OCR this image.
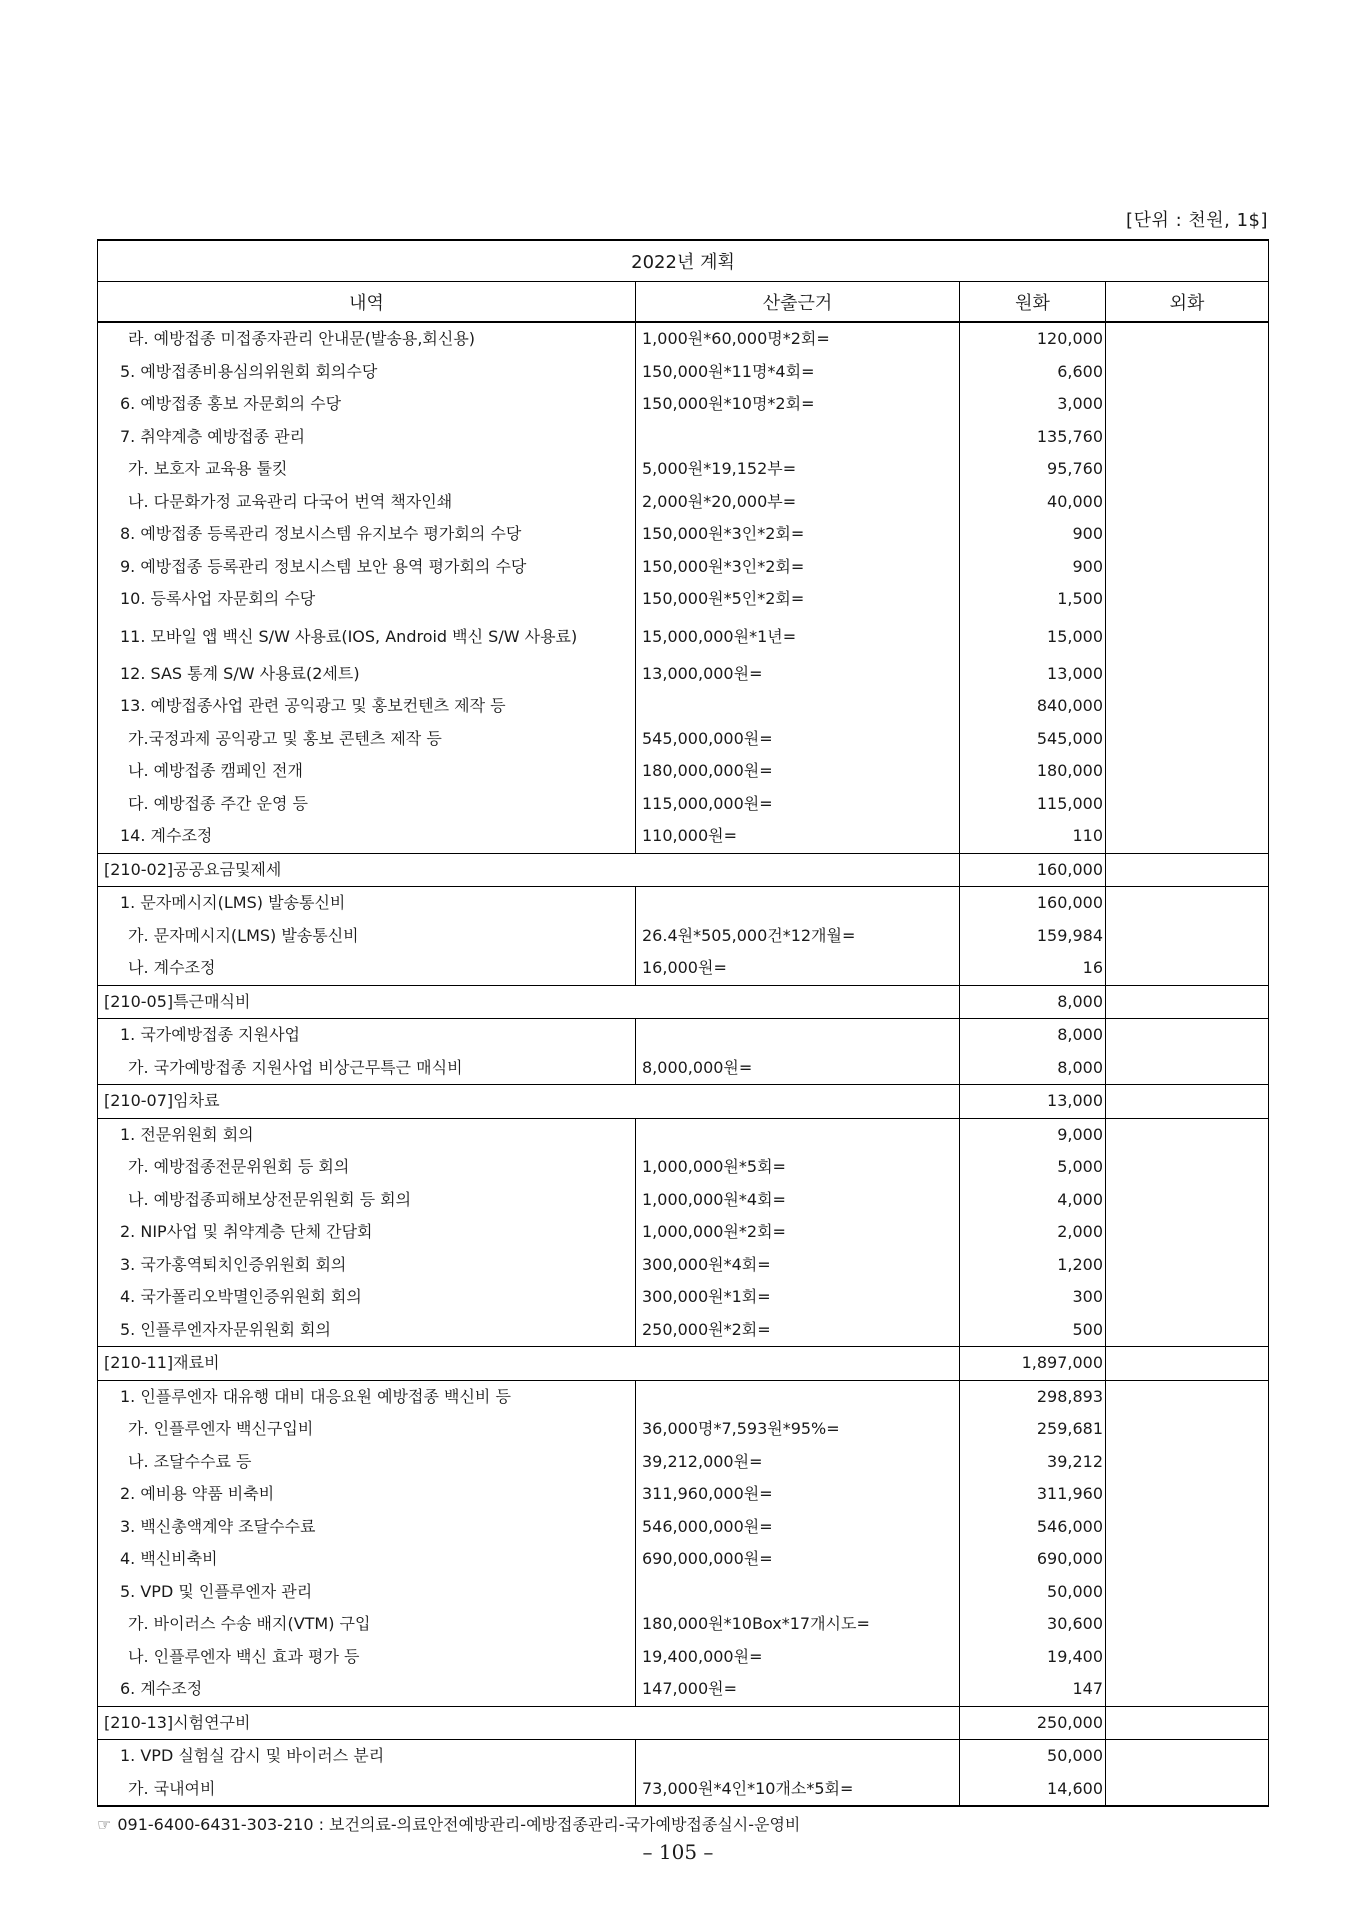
[단위 : 천원, 1$]
2022년 계획			
내역	산출근거	원화	외화
라. 예방접종 미접종자관리 안내문(발송용,회신용)	1,000원*60,000명*2회=	120,000	
5. 예방접종비용심의위원회 회의수당	150,000원*11명*4회=	6,600	
6. 예방접종 홍보 자문회의 수당	150,000원*10명*2회=	3,000	
7. 취약계층 예방접종 관리		135,760	
가. 보호자 교육용 툴킷	5,000원*19,152부=	95,760	
나. 다문화가정 교육관리 다국어 번역 책자인쇄	2,000원*20,000부=	40,000	
8. 예방접종 등록관리 정보시스템 유지보수 평가회의 수당	150,000원*3인*2회=	900	
9. 예방접종 등록관리 정보시스템 보안 용역 평가회의 수당	150,000원*3인*2회=	900	
10. 등록사업 자문회의 수당	150,000원*5인*2회=	1,500	
11. 모바일 앱 백신 S/W 사용료(IOS, Android 백신 S/W 사용료)	15,000,000원*1년=	15,000	
12. SAS 통계 S/W 사용료(2세트)	13,000,000원=	13,000	
13. 예방접종사업 관련 공익광고 및 홍보컨텐츠 제작 등		840,000	
가.국정과제 공익광고 및 홍보 콘텐츠 제작 등	545,000,000원=	545,000	
나. 예방접종 캠페인 전개	180,000,000원=	180,000	
다. 예방접종 주간 운영 등	115,000,000원=	115,000	
14. 계수조정	110,000원=	110	
[210-02]공공요금및제세		160,000	
1. 문자메시지(LMS) 발송통신비		160,000	
가. 문자메시지(LMS) 발송통신비	26.4원*505,000건*12개월=	159,984	
나. 계수조정	16,000원=	16	
[210-05]특근매식비		8,000	
1. 국가예방접종 지원사업		8,000	
가. 국가예방접종 지원사업 비상근무특근 매식비	8,000,000원=	8,000	
[210-07]임차료		13,000	
1. 전문위원회 회의		9,000	
가. 예방접종전문위원회 등 회의	1,000,000원*5회=	5,000	
나. 예방접종피해보상전문위원회 등 회의	1,000,000원*4회=	4,000	
2. NIP사업 및 취약계층 단체 간담회	1,000,000원*2회=	2,000	
3. 국가홍역퇴치인증위원회 회의	300,000원*4회=	1,200	
4. 국가폴리오박멸인증위원회 회의	300,000원*1회=	300	
5. 인플루엔자자문위원회 회의	250,000원*2회=	500	
[210-11]재료비		1,897,000	
1. 인플루엔자 대유행 대비 대응요원 예방접종 백신비 등		298,893	
가. 인플루엔자 백신구입비	36,000명*7,593원*95%=	259,681	
나. 조달수수료 등	39,212,000원=	39,212	
2. 예비용 약품 비축비	311,960,000원=	311,960	
3. 백신총액계약 조달수수료	546,000,000원=	546,000	
4. 백신비축비	690,000,000원=	690,000	
5. VPD 및 인플루엔자 관리		50,000	
가. 바이러스 수송 배지(VTM) 구입	180,000원*10Box*17개시도=	30,600	
나. 인플루엔자 백신 효과 평가 등	19,400,000원=	19,400	
6. 계수조정	147,000원=	147	
[210-13]시험연구비		250,000	
1. VPD 실험실 감시 및 바이러스 분리		50,000	
가. 국내여비	73,000원*4인*10개소*5회=	14,600	
☞ 091-6400-6431-303-210 : 보건의료-의료안전예방관리-예방접종관리-국가예방접종실시-운영비
– 105 –
